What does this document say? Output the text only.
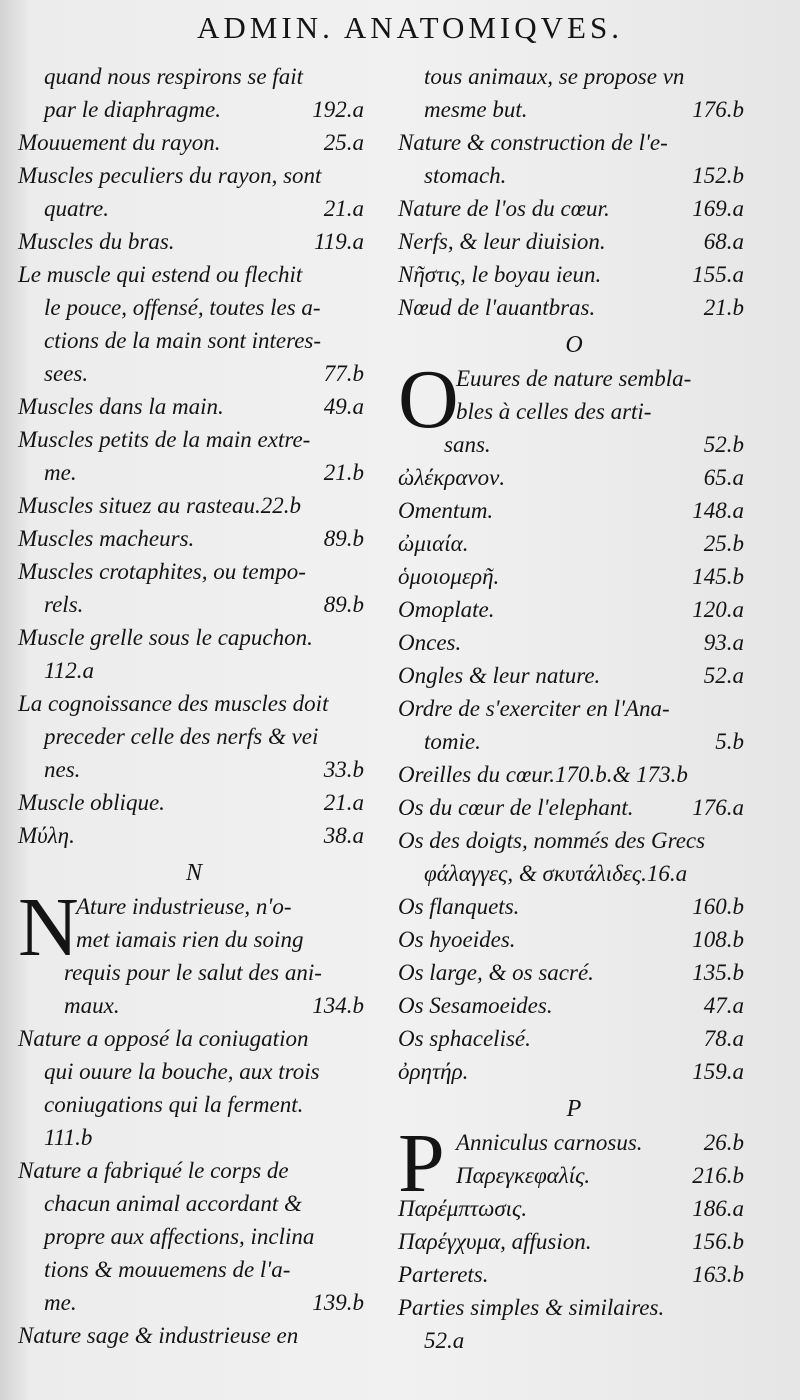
ADMIN. ANATOMIQVES.
quand nous respirons se fait
par le diaphragme.	192.a
Mouuement du rayon.	25.a
Muscles peculiers du rayon, sont
quatre.	21.a
Muscles du bras.	119.a
Le muscle qui estend ou flechit
le pouce, offensé, toutes les a-
ctions de la main sont interes-
sees.	77.b
Muscles dans la main.	49.a
Muscles petits de la main extre-
me.	21.b
Muscles situez au rasteau.22.b
Muscles macheurs.	89.b
Muscles crotaphites, ou tempo-
rels.	89.b
Muscle grelle sous le capuchon.
112.a
La cognoissance des muscles doit
preceder celle des nerfs & vei
nes.	33.b
Muscle oblique.	21.a
Μύλη.	38.a
N
N
Ature industrieuse, n'o-
met iamais rien du soing
requis pour le salut des ani-
maux.	134.b
Nature a opposé la coniugation
qui ouure la bouche, aux trois
coniugations qui la ferment.
111.b
Nature a fabriqué le corps de
chacun animal accordant &
propre aux affections, inclina
tions & mouuemens de l'a-
me.	139.b
Nature sage & industrieuse en
tous animaux, se propose vn
mesme but.	176.b
Nature & construction de l'e-
stomach.	152.b
Nature de l'os du cœur.	169.a
Nerfs, & leur diuision.	68.a
Νῆστις, le boyau ieun.	155.a
Nœud de l'auantbras.	21.b
O
O
Euures de nature sembla-
bles à celles des arti-
sans.	52.b
ὠλέκρανον.	65.a
Omentum.	148.a
ὠμιαία.	25.b
ὁμοιομερῆ.	145.b
Omoplate.	120.a
Onces.	93.a
Ongles & leur nature.	52.a
Ordre de s'exerciter en l'Ana-
tomie.	5.b
Oreilles du cœur.170.b.& 173.b
Os du cœur de l'elephant.	176.a
Os des doigts, nommés des Grecs
φάλαγγες, & σκυτάλιδες.16.a
Os flanquets.	160.b
Os hyoeides.	108.b
Os large, & os sacré.	135.b
Os Sesamoeides.	47.a
Os sphacelisé.	78.a
ὀρητήρ.	159.a
P
P Anniculus carnosus.	26.b
Παρεγκεφαλίς.	216.b
Παρέμπτωσις.	186.a
Παρέγχυμα, affusion.	156.b
Parterets.	163.b
Parties simples & similaires.
52.a
